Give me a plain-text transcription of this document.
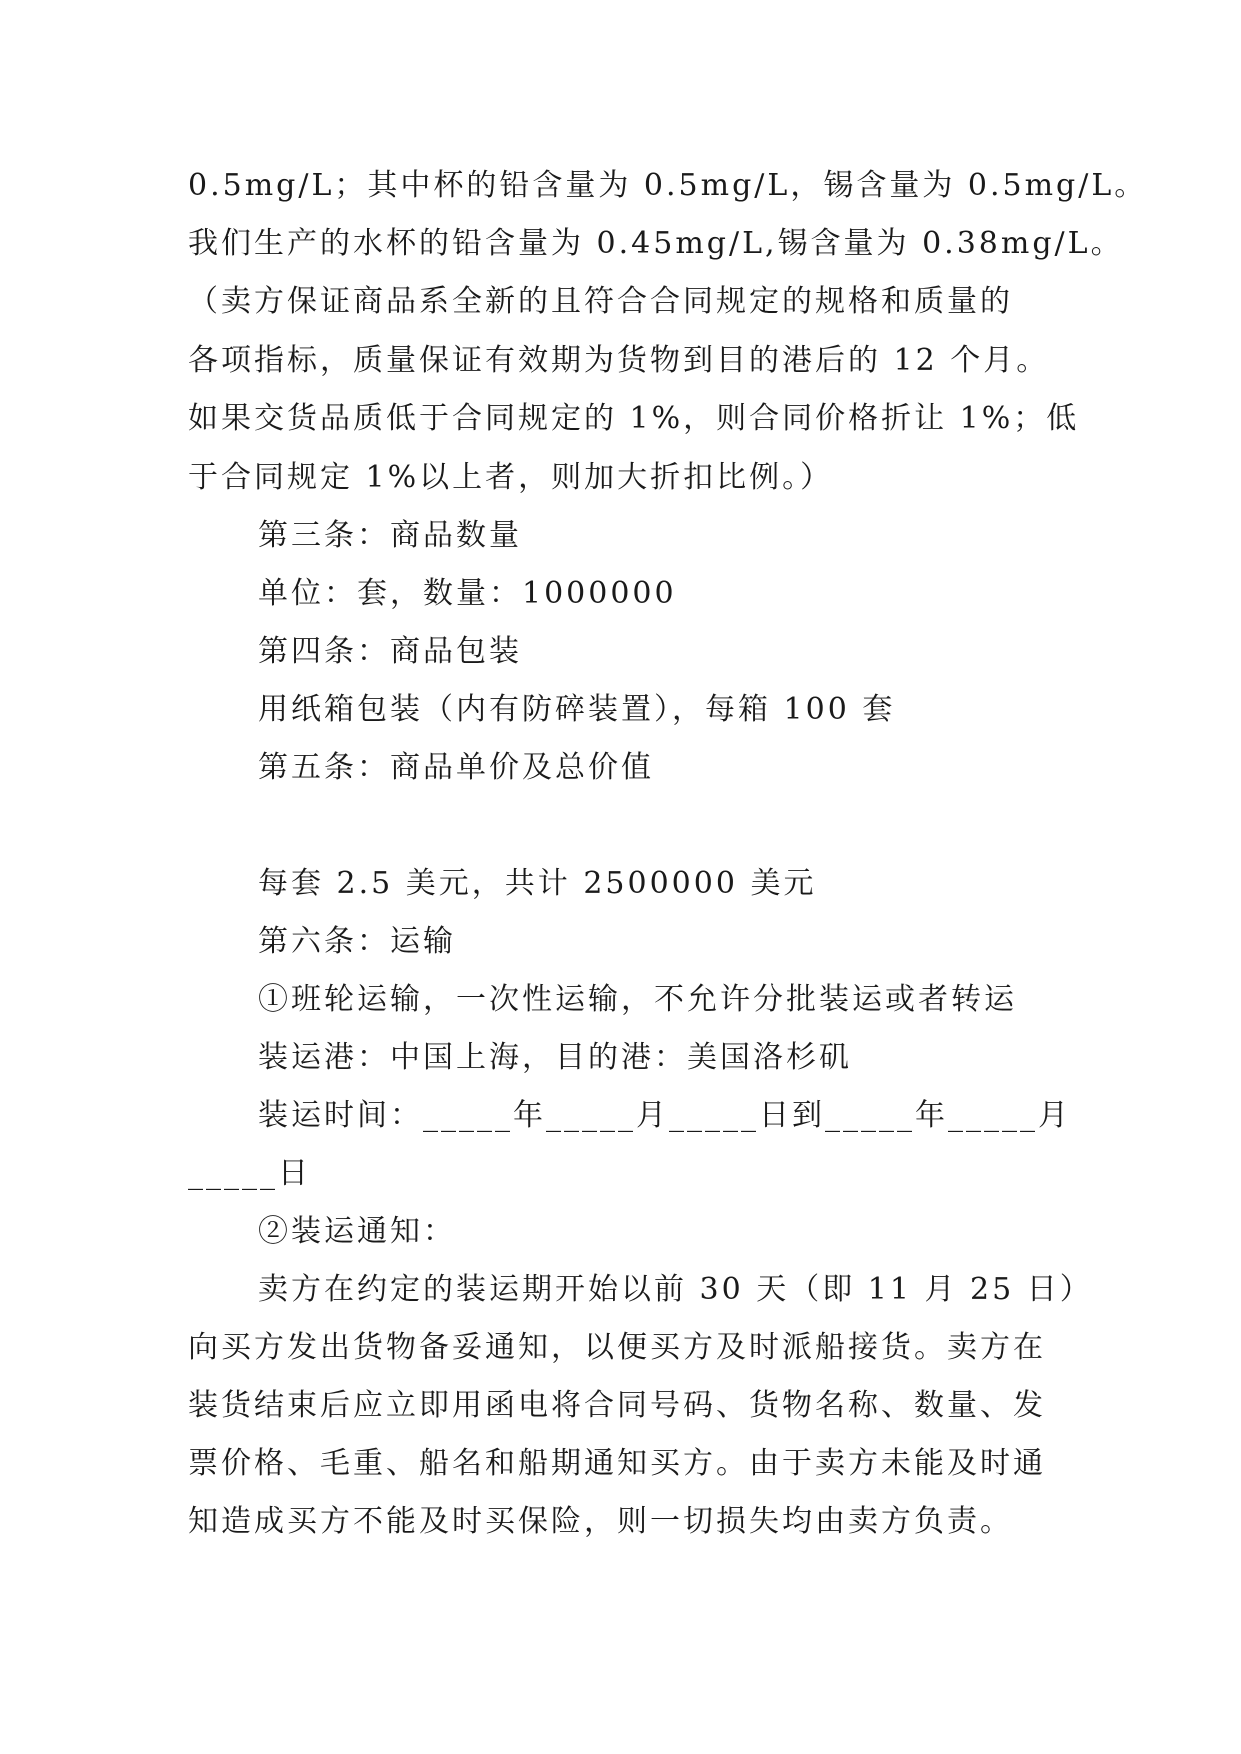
0.5mg/L；其中杯的铅含量为 0.5mg/L，锡含量为 0.5mg/L。
我们生产的水杯的铅含量为 0.45mg/L,锡含量为 0.38mg/L。
（卖方保证商品系全新的且符合合同规定的规格和质量的
各项指标，质量保证有效期为货物到目的港后的 12 个月。
如果交货品质低于合同规定的 1%，则合同价格折让 1%；低
于合同规定 1%以上者，则加大折扣比例。）
第三条：商品数量
单位：套，数量：1000000
第四条：商品包装
用纸箱包装（内有防碎装置），每箱 100 套
第五条：商品单价及总价值
每套 2.5 美元，共计 2500000 美元
第六条：运输
①班轮运输，一次性运输，不允许分批装运或者转运
装运港：中国上海，目的港：美国洛杉矶
装运时间：_____年_____月_____日到_____年_____月
_____日
②装运通知：
卖方在约定的装运期开始以前 30 天（即 11 月 25 日）
向买方发出货物备妥通知，以便买方及时派船接货。卖方在
装货结束后应立即用函电将合同号码、货物名称、数量、发
票价格、毛重、船名和船期通知买方。由于卖方未能及时通
知造成买方不能及时买保险，则一切损失均由卖方负责。
